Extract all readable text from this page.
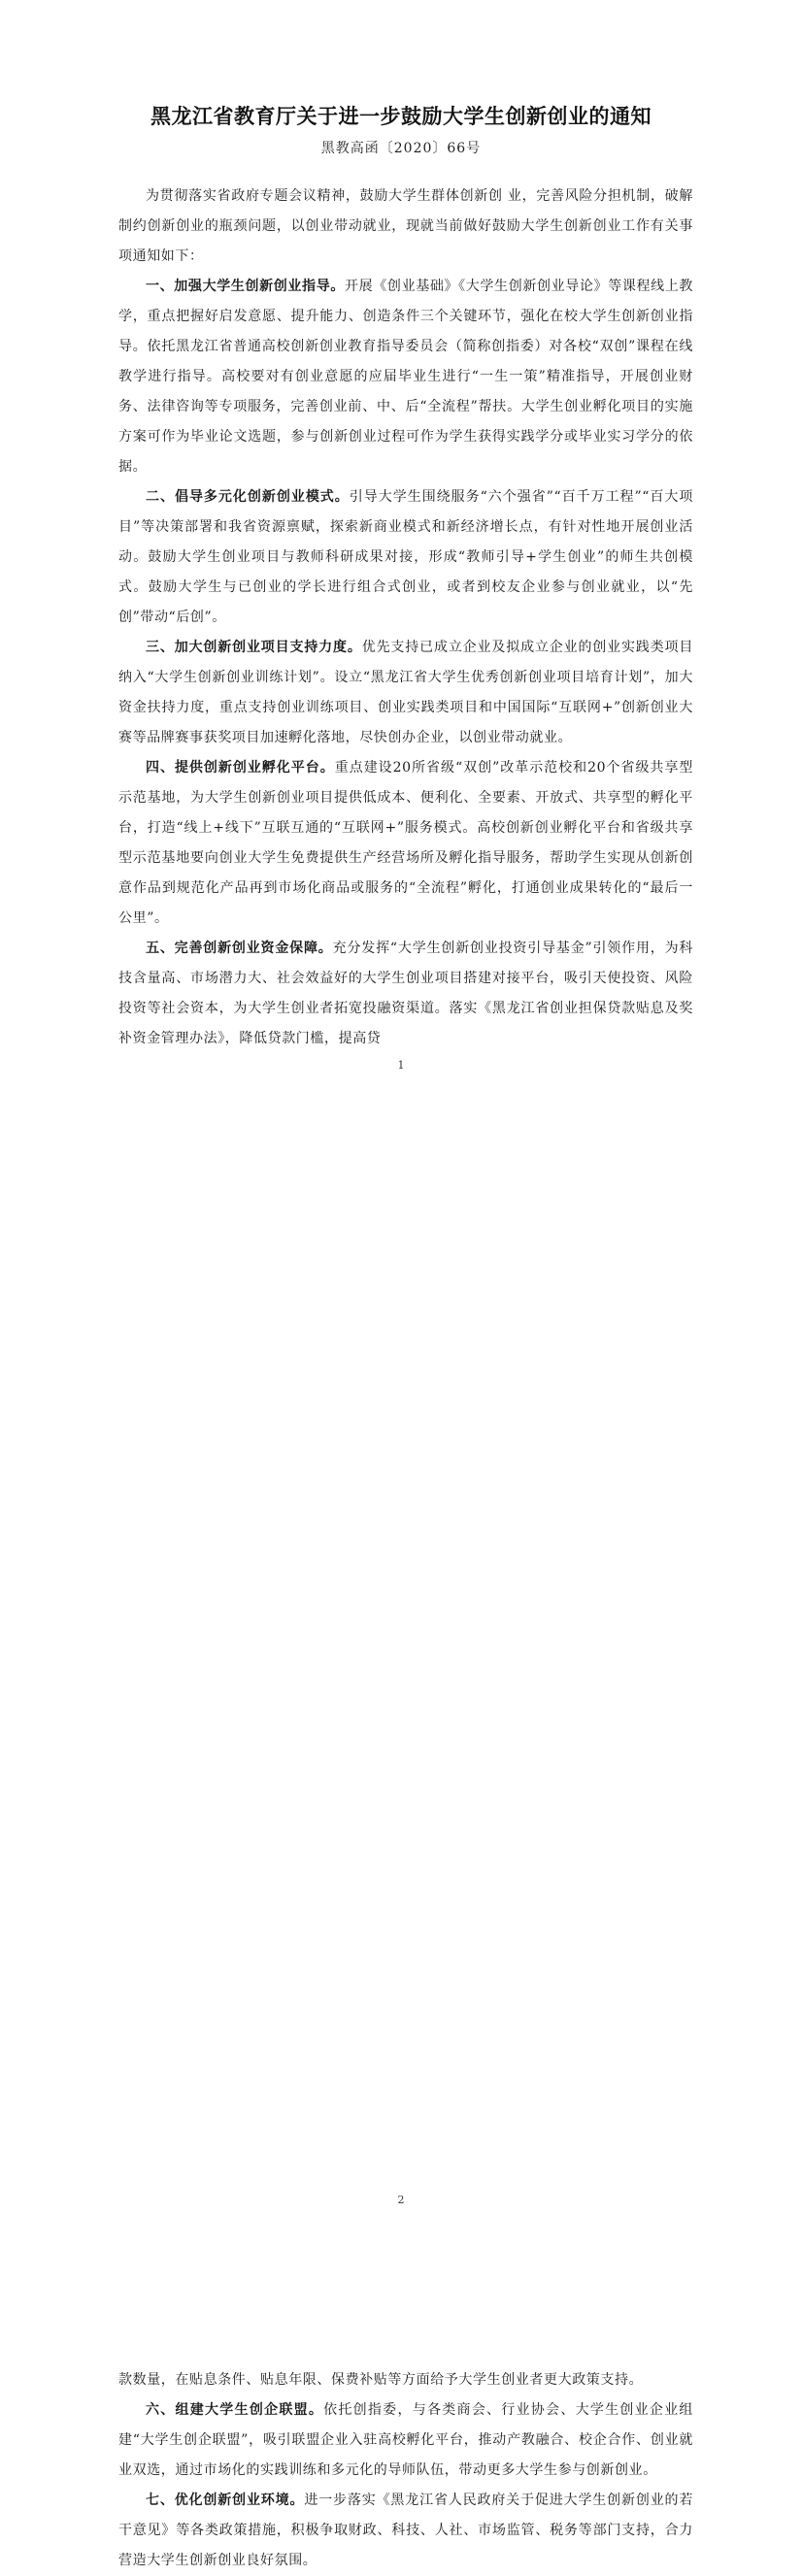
黑龙江省教育厅关于进一步鼓励大学生创新创业的通知
黑教高函〔2020〕66号

为贯彻落实省政府专题会议精神，鼓励大学生群体创新创 业，完善风险分担机制，破解制约创新创业的瓶颈问题，以创业带动就业，现就当前做好鼓励大学生创新创业工作有关事项通知如下：

一、加强大学生创新创业指导。开展《创业基础》《大学生创新创业导论》等课程线上教学，重点把握好启发意愿、提升能力、创造条件三个关键环节，强化在校大学生创新创业指导。依托黑龙江省普通高校创新创业教育指导委员会（简称创指委）对各校“双创”课程在线教学进行指导。高校要对有创业意愿的应届毕业生进行“一生一策”精准指导，开展创业财务、法律咨询等专项服务，完善创业前、中、后“全流程”帮扶。大学生创业孵化项目的实施方案可作为毕业论文选题，参与创新创业过程可作为学生获得实践学分或毕业实习学分的依据。

二、倡导多元化创新创业模式。引导大学生围绕服务“六个强省”“百千万工程”“百大项目”等决策部署和我省资源禀赋，探索新商业模式和新经济增长点，有针对性地开展创业活动。鼓励大学生创业项目与教师科研成果对接，形成“教师引导+学生创业”的师生共创模式。鼓励大学生与已创业的学长进行组合式创业，或者到校友企业参与创业就业，以“先创”带动“后创”。

三、加大创新创业项目支持力度。优先支持已成立企业及拟成立企业的创业实践类项目纳入“大学生创新创业训练计划”。设立“黑龙江省大学生优秀创新创业项目培育计划”，加大资金扶持力度，重点支持创业训练项目、创业实践类项目和中国国际“互联网+”创新创业大赛等品牌赛事获奖项目加速孵化落地，尽快创办企业，以创业带动就业。

四、提供创新创业孵化平台。重点建设20所省级“双创”改革示范校和20个省级共享型示范基地，为大学生创新创业项目提供低成本、便利化、全要素、开放式、共享型的孵化平台，打造“线上+线下”互联互通的“互联网+”服务模式。高校创新创业孵化平台和省级共享型示范基地要向创业大学生免费提供生产经营场所及孵化指导服务，帮助学生实现从创新创意作品到规范化产品再到市场化商品或服务的“全流程”孵化，打通创业成果转化的“最后一公里”。

五、完善创新创业资金保障。充分发挥“大学生创新创业投资引导基金”引领作用，为科技含量高、市场潜力大、社会效益好的大学生创业项目搭建对接平台，吸引天使投资、风险投资等社会资本，为大学生创业者拓宽投融资渠道。落实《黑龙江省创业担保贷款贴息及奖补资金管理办法》，降低贷款门槛，提高贷

1

款数量，在贴息条件、贴息年限、保费补贴等方面给予大学生创业者更大政策支持。

六、组建大学生创企联盟。依托创指委，与各类商会、行业协会、大学生创业企业组建“大学生创企联盟”，吸引联盟企业入驻高校孵化平台，推动产教融合、校企合作、创业就业双选，通过市场化的实践训练和多元化的导师队伍，带动更多大学生参与创新创业。

七、优化创新创业环境。进一步落实《黑龙江省人民政府关于促进大学生创新创业的若干意见》等各类政策措施，积极争取财政、科技、人社、市场监管、税务等部门支持，合力营造大学生创新创业良好氛围。

2
